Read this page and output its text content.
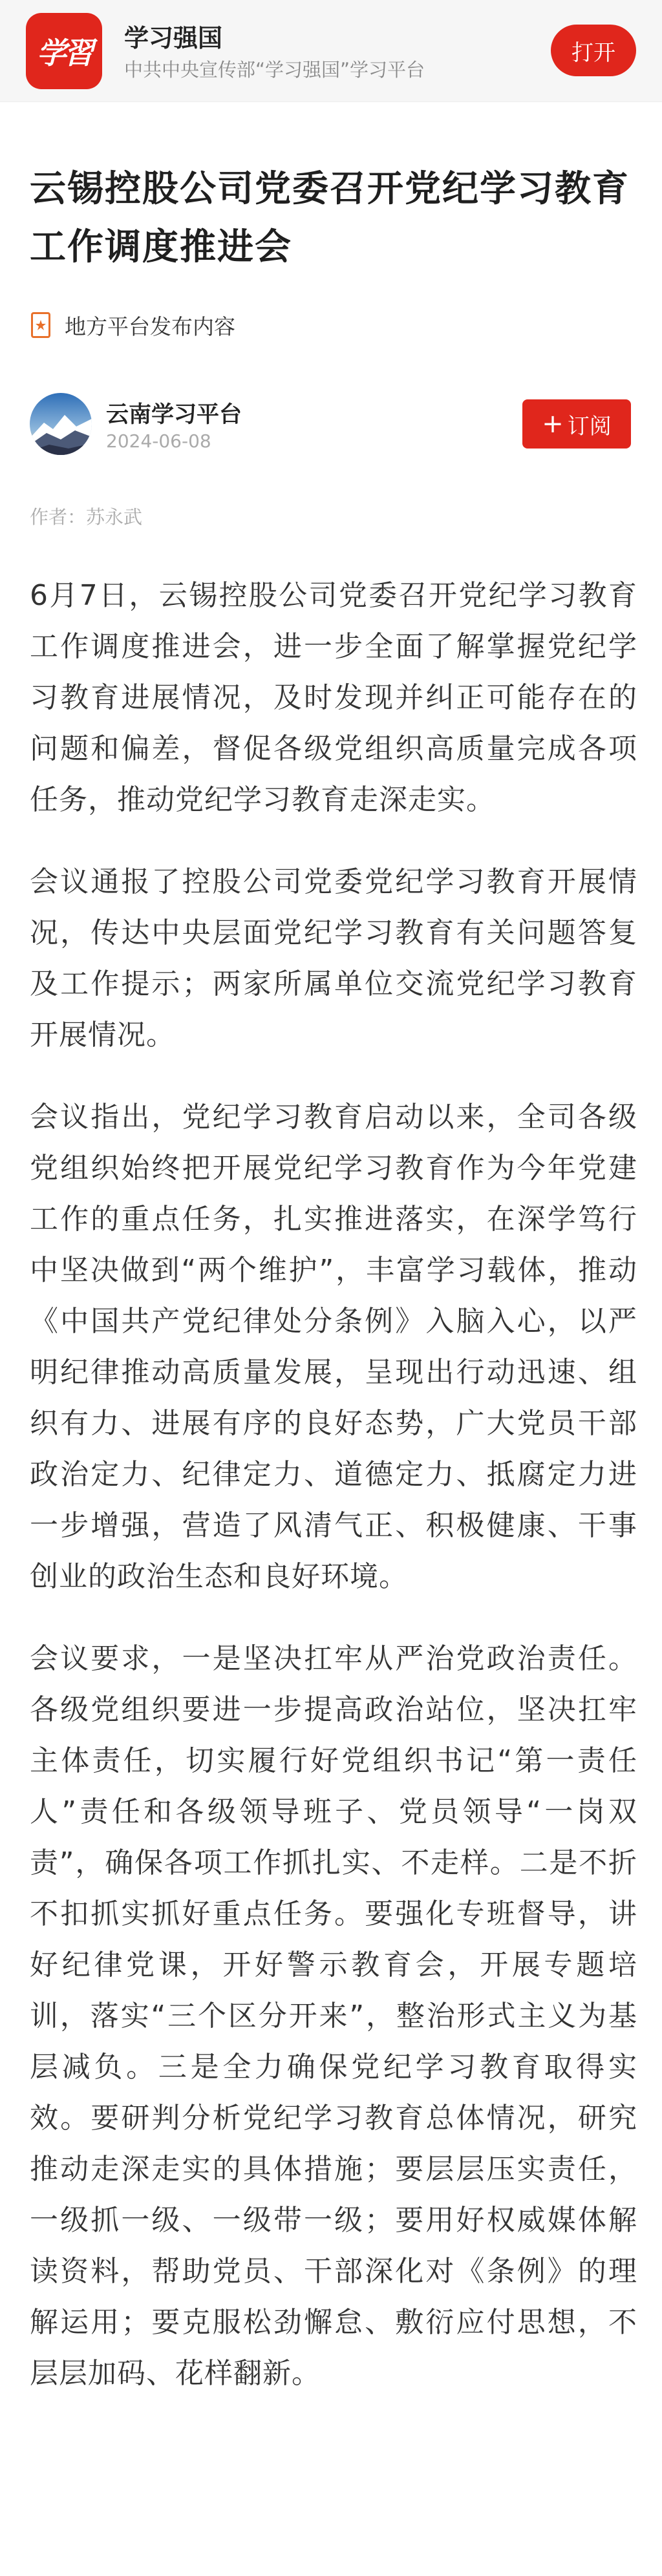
学習	学习强国
中共中央宣传部“学习强国”学习平台
打开
云锡控股公司党委召开党纪学习教育工作调度推进会
地方平台发布内容
云南学习平台
2024-06-08
+ 订阅
作者：苏永武

6月7日，云锡控股公司党委召开党纪学习教育工作调度推进会，进一步全面了解掌握党纪学习教育进展情况，及时发现并纠正可能存在的问题和偏差，督促各级党组织高质量完成各项任务，推动党纪学习教育走深走实。

会议通报了控股公司党委党纪学习教育开展情况，传达中央层面党纪学习教育有关问题答复及工作提示；两家所属单位交流党纪学习教育开展情况。

会议指出，党纪学习教育启动以来，全司各级党组织始终把开展党纪学习教育作为今年党建工作的重点任务，扎实推进落实，在深学笃行中坚决做到“两个维护”，丰富学习载体，推动《中国共产党纪律处分条例》入脑入心，以严明纪律推动高质量发展，呈现出行动迅速、组织有力、进展有序的良好态势，广大党员干部政治定力、纪律定力、道德定力、抵腐定力进一步增强，营造了风清气正、积极健康、干事创业的政治生态和良好环境。

会议要求，一是坚决扛牢从严治党政治责任。各级党组织要进一步提高政治站位，坚决扛牢主体责任，切实履行好党组织书记“第一责任人”责任和各级领导班子、党员领导“一岗双责”，确保各项工作抓扎实、不走样。二是不折不扣抓实抓好重点任务。要强化专班督导，讲好纪律党课，开好警示教育会，开展专题培训，落实“三个区分开来”，整治形式主义为基层减负。三是全力确保党纪学习教育取得实效。要研判分析党纪学习教育总体情况，研究推动走深走实的具体措施；要层层压实责任，一级抓一级、一级带一级；要用好权威媒体解读资料，帮助党员、干部深化对《条例》的理解运用；要克服松劲懈怠、敷衍应付思想，不层层加码、花样翻新。
